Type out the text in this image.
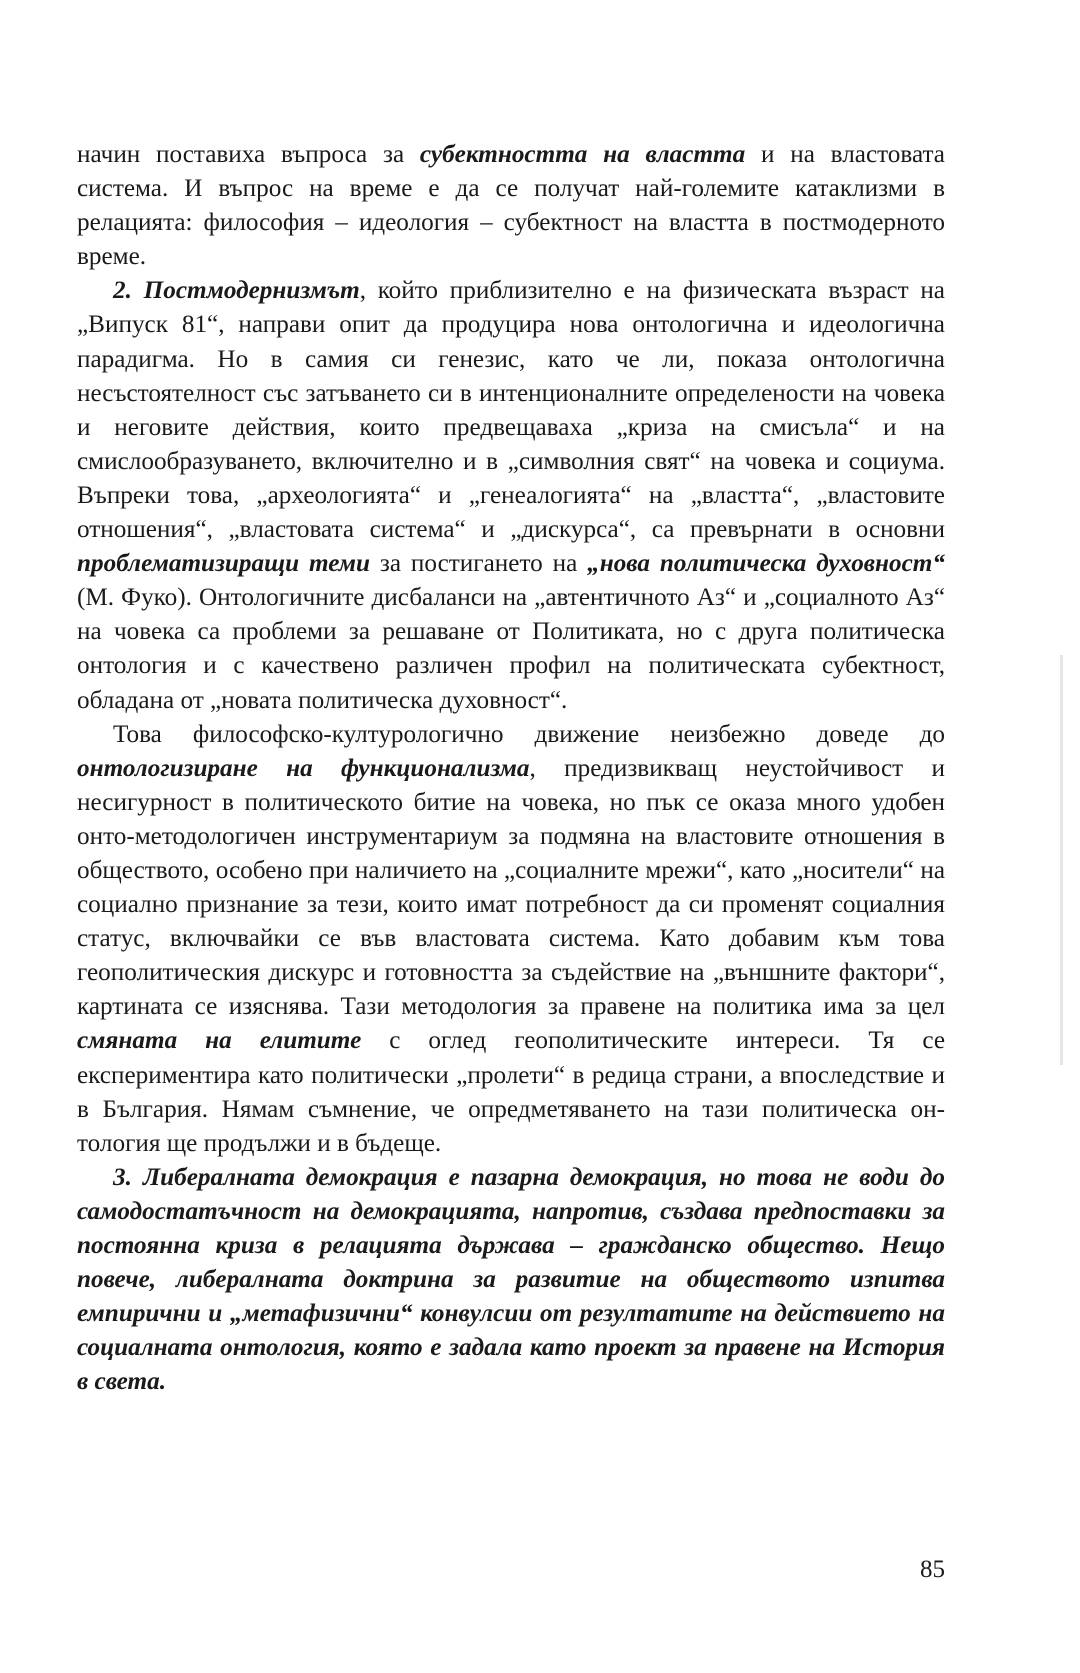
начин поставиха въпроса за субектността на властта и на властовата система. И въпрос на време е да се получат най-големите катаклизми в релацията: философия – идеология – субектност на властта в постмодерното време.

2. Постмодернизмът, който приблизително е на физическата възраст на „Випуск 81“, направи опит да продуцира нова онтологична и идеологична парадигма. Но в самия си генезис, като че ли, показа онтологична несъстоятелност със затъването си в интенционалните определености на човека и неговите действия, които предвещаваха „криза на смисъла“ и на смислообразуването, включително и в „символния свят“ на човека и социума. Въпреки това, „археологията“ и „генеалогията“ на „властта“, „властовите отношения“, „властовата система“ и „дискурса“, са превърнати в основни проблематизиращи теми за постигането на „нова политическа духовност“ (М. Фуко). Онтологичните дисбаланси на „автентичното Аз“ и „социалното Аз“ на човека са проблеми за решаване от Политиката, но с друга политическа онтология и с качествено различен профил на политическата субектност, обладана от „новата политическа духовност“.

Това философско-културологично движение неизбежно доведе до онтологизиране на функционализма, предизвикващ неустойчивост и несигурност в политическото битие на човека, но пък се оказа много удобен онто-методологичен инструментариум за подмяна на властовите отношения в обществото, особено при наличието на „социалните мрежи“, като „носители“ на социално признание за тези, които имат потребност да си променят социалния статус, включвайки се във властовата система. Като добавим към това геополитическия дискурс и готовността за съдействие на „външните фактори“, картината се изяснява. Тази методология за правене на политика има за цел смяната на елитите с оглед геополитическите интереси. Тя се експериментира като политически „пролети“ в редица страни, а впоследствие и в България. Нямам съмнение, че опредметяването на тази политическа онтология ще продължи и в бъдеще.

3. Либералната демокрация е пазарна демокрация, но това не води до самодостатъчност на демокрацията, напротив, създава предпоставки за постоянна криза в релацията държава – гражданско общество. Нещо повече, либералната доктрина за развитие на обществото изпитва емпирични и „метафизични“ конвулсии от резултатите на действието на социалната онтология, която е задала като проект за правене на История в света.

85
